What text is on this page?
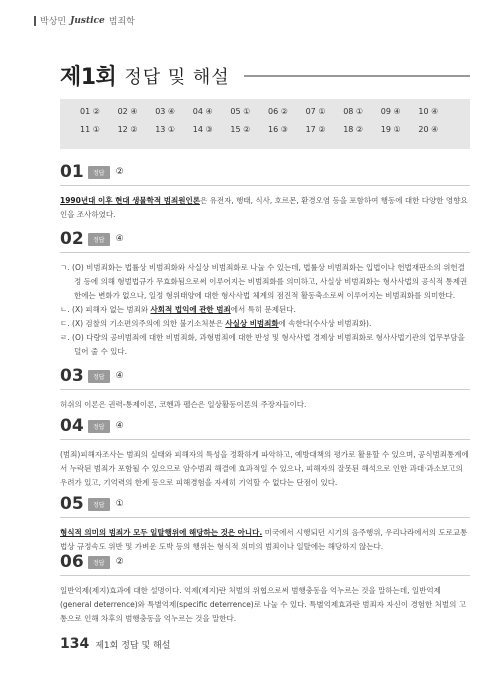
박상민 Justice 범죄학
제1회 정답 및 해설
01 ②	02 ④	03 ④	04 ④	05 ①	06 ②	07 ①	08 ①	09 ④	10 ④
11 ①	12 ②	13 ①	14 ③	15 ②	16 ③	17 ②	18 ②	19 ①	20 ④
01	정답	②

1990년대 이후 현대 생물학적 범죄원인론은 유전자, 행태, 식사, 호르몬, 환경오염 등을 포함하여 행동에 대한 다양한 영향요인을 조사하였다.

02	정답	④

ㄱ. (O) 비범죄화는 법률상 비범죄화와 사실상 비범죄화로 나눌 수 있는데, 법률상 비범죄화는 입법이나 헌법재판소의 위헌결정 등에 의해 형벌법규가 무효화됨으로써 이루어지는 비범죄화를 의미하고, 사실상 비범죄화는 형사사법의 공식적 통제권한에는 변화가 없으나, 일정 형위태양에 대한 형사사법 체계의 점진적 활동축소로써 이루어지는 비범죄화를 의미한다.

ㄴ. (X) 피해자 없는 범죄와 사회적 법익에 관한 범죄에서 특히 문제된다.

ㄷ. (X) 검찰의 기소편의주의에 의한 불기소처분은 사실상 비범죄화에 속한다(수사상 비범죄화).

ㄹ. (O) 다량의 공비범죄에 대한 비범죄화, 과형범죄에 대한 반성 및 형사사법 경제상 비범죄화로 형사사법기관의 업무부담을 덜어 줄 수 있다.

03	정답	④

허쉬의 이론은 권력-통제이론, 코헨과 펠슨은 일상활동이론의 주장자들이다.

04	정답	④

(범죄)피해자조사는 범죄의 실태와 피해자의 특성을 정확하게 파악하고, 예방대책의 평가로 활용할 수 있으며, 공식범죄통계에서 누락된 범죄가 포함될 수 있으므로 암수범죄 해결에 효과적일 수 있으나, 피해자의 잘못된 해석으로 인한 과대·과소보고의 우려가 있고, 기억력의 한계 등으로 피해경험을 자세히 기억할 수 없다는 단점이 있다.

05	정답	①

형식적 의미의 범죄가 모두 일탈행위에 해당하는 것은 아니다. 미국에서 시행되던 시기의 음주행위, 우리나라에서의 도로교통법상 규정속도 위반 및 가벼운 도박 등의 행위는 형식적 의미의 범죄이나 일탈에는 해당하지 않는다.

06	정답	②

일반억제(제지)효과에 대한 설명이다. 억제(제지)란 처벌의 위협으로써 범행충동을 억누르는 것을 말하는데, 일반억제(general deterrence)와 특별억제(specific deterrence)로 나눌 수 있다. 특별억제효과란 범죄자 자신이 경험한 처벌의 고통으로 인해 차후의 범행충동을 억누르는 것을 말한다.

134 제1회 정답 및 해설
